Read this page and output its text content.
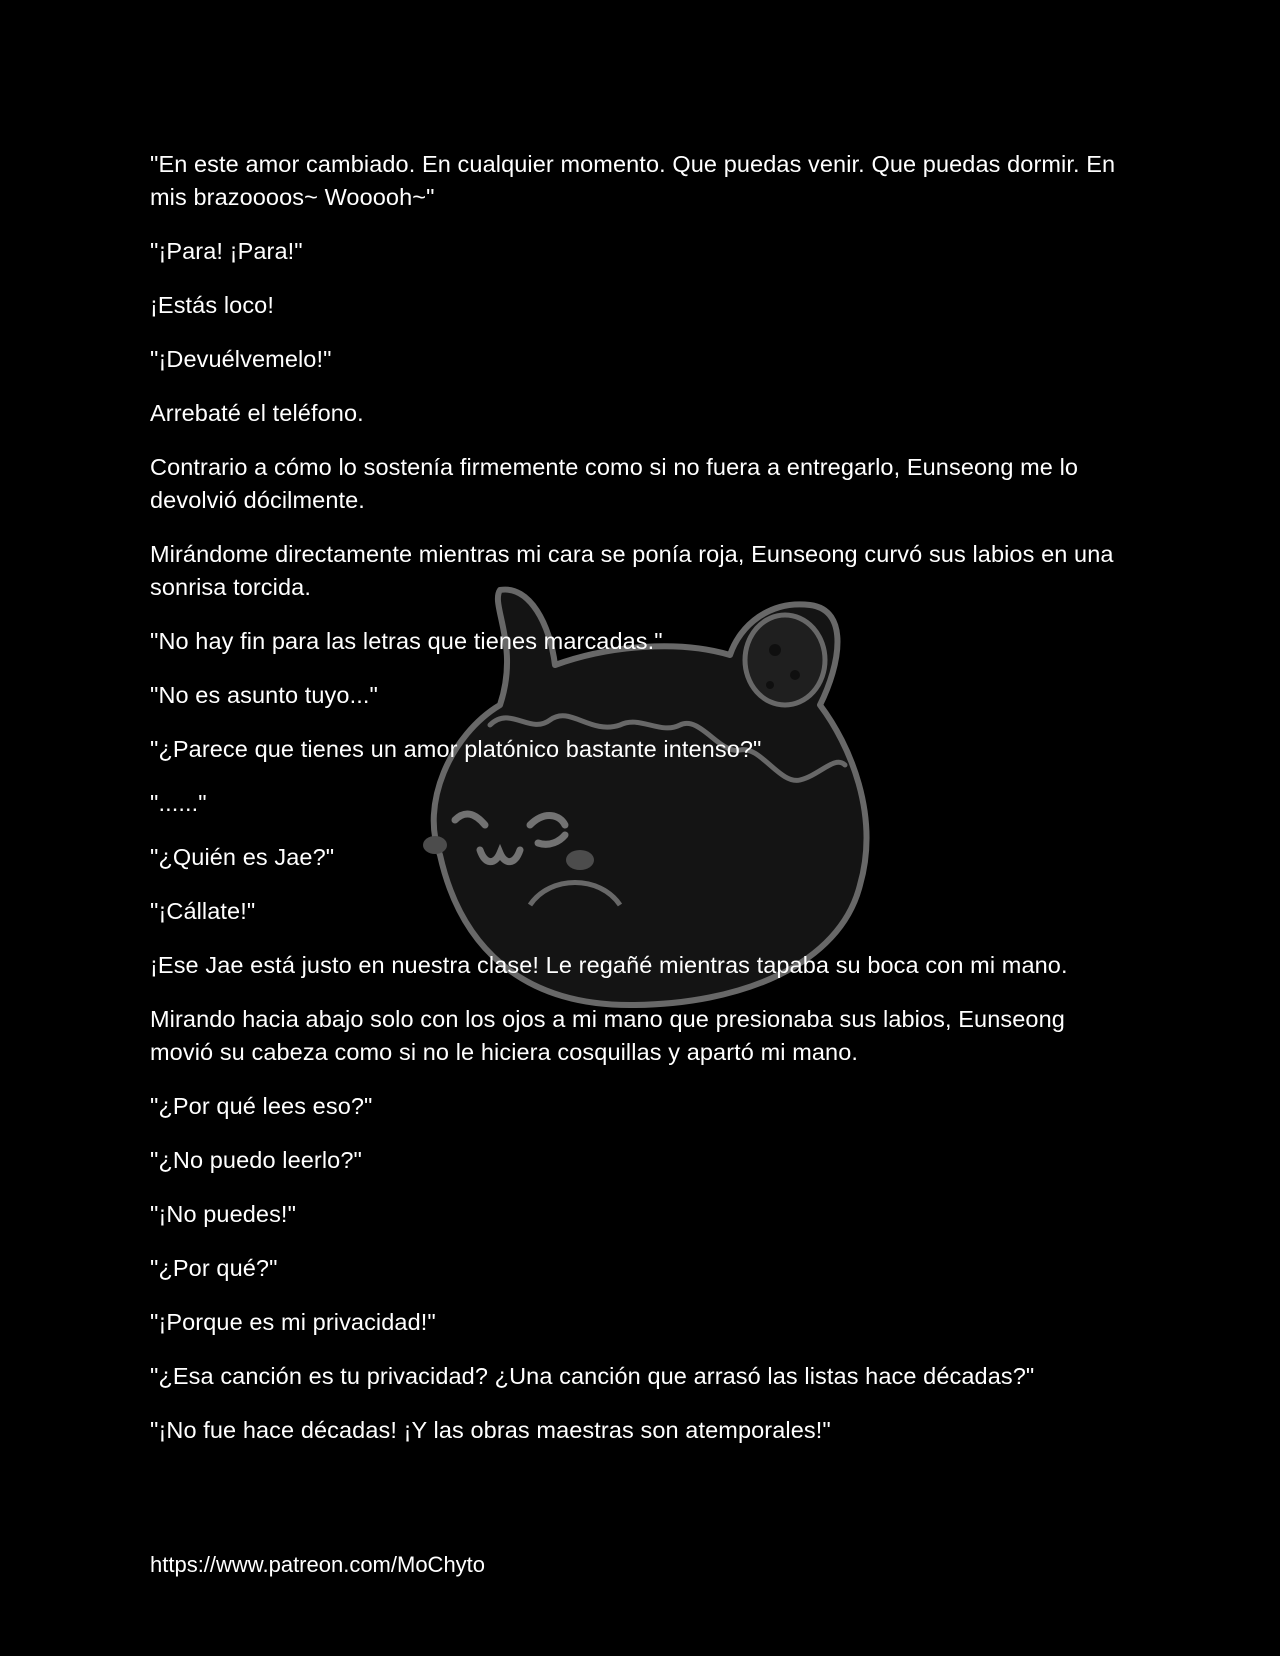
"En este amor cambiado. En cualquier momento. Que puedas venir. Que puedas dormir. En mis brazoooos~ Wooooh~"

"¡Para! ¡Para!"

¡Estás loco!

"¡Devuélvemelo!"

Arrebaté el teléfono.

Contrario a cómo lo sostenía firmemente como si no fuera a entregarlo, Eunseong me lo devolvió dócilmente.

Mirándome directamente mientras mi cara se ponía roja, Eunseong curvó sus labios en una sonrisa torcida.

"No hay fin para las letras que tienes marcadas."

"No es asunto tuyo..."

"¿Parece que tienes un amor platónico bastante intenso?"

"......"

"¿Quién es Jae?"

"¡Cállate!"

¡Ese Jae está justo en nuestra clase! Le regañé mientras tapaba su boca con mi mano.

Mirando hacia abajo solo con los ojos a mi mano que presionaba sus labios, Eunseong movió su cabeza como si no le hiciera cosquillas y apartó mi mano.

"¿Por qué lees eso?"

"¿No puedo leerlo?"

"¡No puedes!"

"¿Por qué?"

"¡Porque es mi privacidad!"

"¿Esa canción es tu privacidad? ¿Una canción que arrasó las listas hace décadas?"

"¡No fue hace décadas! ¡Y las obras maestras son atemporales!"

https://www.patreon.com/MoChyto
